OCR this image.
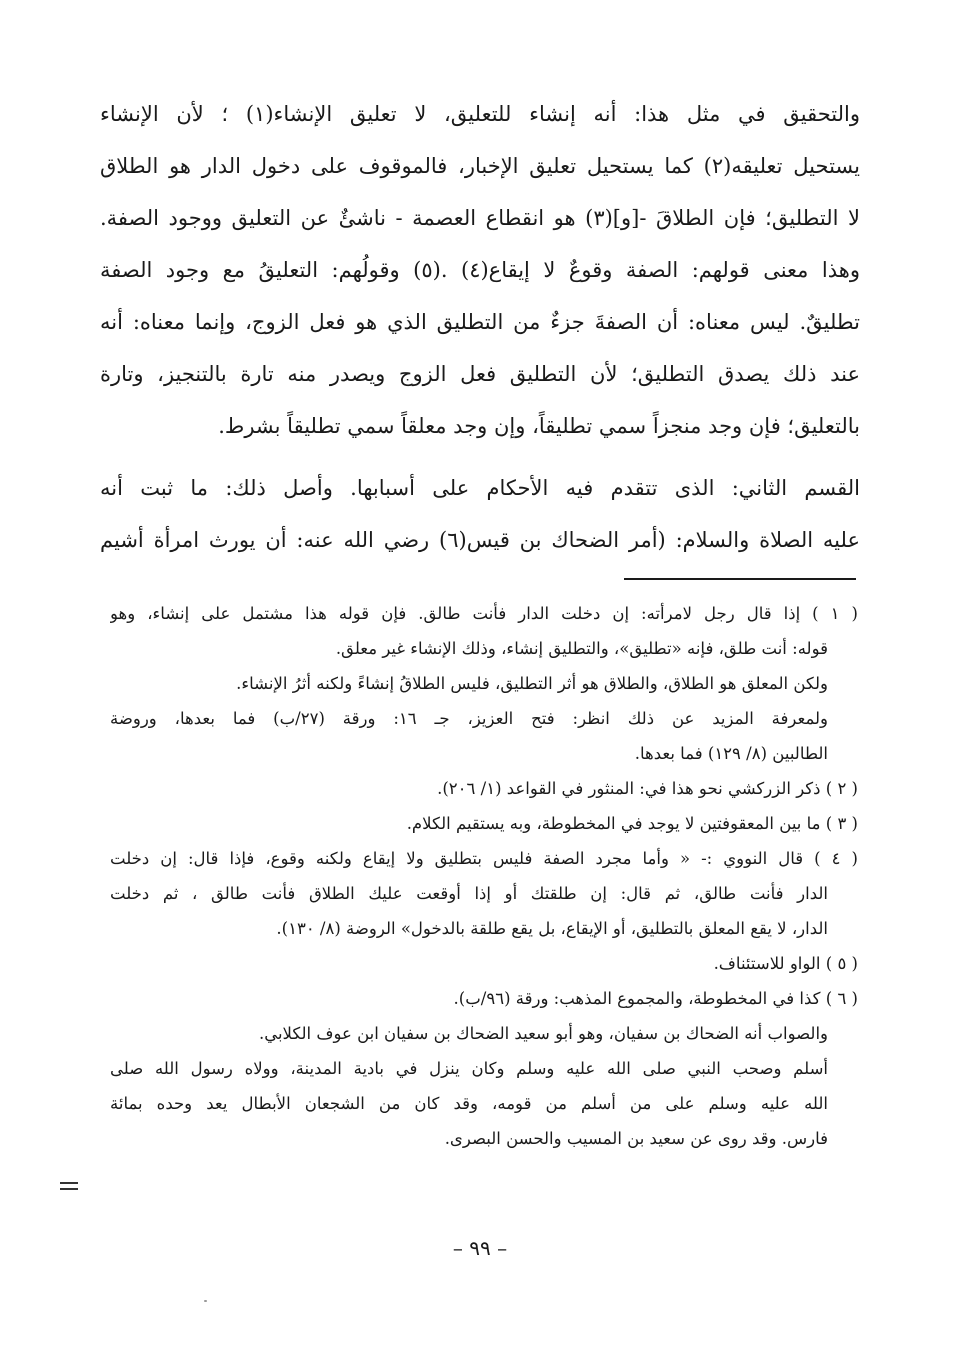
والتحقيق في مثل هذا: أنه إنشاء للتعليق، لا تعليق الإنشاء(١) ؛ لأن الإنشاء
يستحيل تعليقه(٢) كما يستحيل تعليق الإخبار، فالموقوف على دخول الدار هو الطلاق
لا التطليق؛ فإن الطلاقَ -[و](٣) هو انقطاع العصمة - ناشئٌ عن التعليق ووجود الصفة.
وهذا معنى قولهم: الصفة وقوعٌ لا إيقاع(٤) .(٥) وقولُهم: التعليقُ مع وجود الصفة
تطليقٌ. ليس معناه: أن الصفةَ جزءٌ من التطليق الذي هو فعل الزوج، وإنما معناه: أنه
عند ذلك يصدق التطليق؛ لأن التطليق فعل الزوج ويصدر منه تارة بالتنجيز، وتارة
بالتعليق؛ فإن وجد منجزاً سمي تطليقاً، وإن وجد معلقاً سمي تطليقاً بشرط.
القسم الثاني: الذى تتقدم فيه الأحكام على أسبابها. وأصل ذلك: ما ثبت أنه
عليه الصلاة والسلام: (أمر الضحاك بن قيس(٦) رضي الله عنه: أن يورث امرأة أشيم
( ١ ) إذا قال رجل لامرأته: إن دخلت الدار فأنت طالق. فإن قوله هذا مشتمل على إنشاء، وهو
قوله: أنت طلق، فإنه «تطليق»، والتطليق إنشاء، وذلك الإنشاء غير معلق.
ولكن المعلق هو الطلاق، والطلاق هو أثر التطليق، فليس الطلاقُ إنشاءً ولكنه أثرُ الإنشاء.
ولمعرفة المزيد عن ذلك انظر: فتح العزيز، جـ ١٦: ورقة (٢٧/ب) فما بعدها، وروضة
الطالبين (٨/ ١٢٩) فما بعدها.
( ٢ ) ذكر الزركشي نحو هذا في: المنثور في القواعد (١/ ٢٠٦).
( ٣ ) ما بين المعقوفتين لا يوجد في المخطوطة، وبه يستقيم الكلام.
( ٤ ) قال النووي :- « وأما مجرد الصفة فليس بتطليق ولا إيقاع ولكنه وقوع، فإذا قال: إن دخلت
الدار فأنت طالق، ثم قال: إن طلقتك أو إذا أوقعت عليك الطلاق فأنت طالق ، ثم دخلت
الدار، لا يقع المعلق بالتطليق، أو الإيقاع، بل يقع طلقة بالدخول» الروضة (٨/ ١٣٠).
( ٥ ) الواو للاستئناف.
( ٦ ) كذا في المخطوطة، والمجموع المذهب: ورقة (٩٦/ب).
والصواب أنه الضحاك بن سفيان، وهو أبو سعيد الضحاك بن سفيان ابن عوف الكلابي.
أسلم وصحب النبي صلى الله عليه وسلم وكان ينزل في بادية المدينة، وولاه رسول الله صلى
الله عليه وسلم على من أسلم من قومه، وقد كان من الشجعان الأبطال يعد وحده بمائة
فارس. وقد روى عن سعيد بن المسيب والحسن البصرى.
– ٩٩ –
